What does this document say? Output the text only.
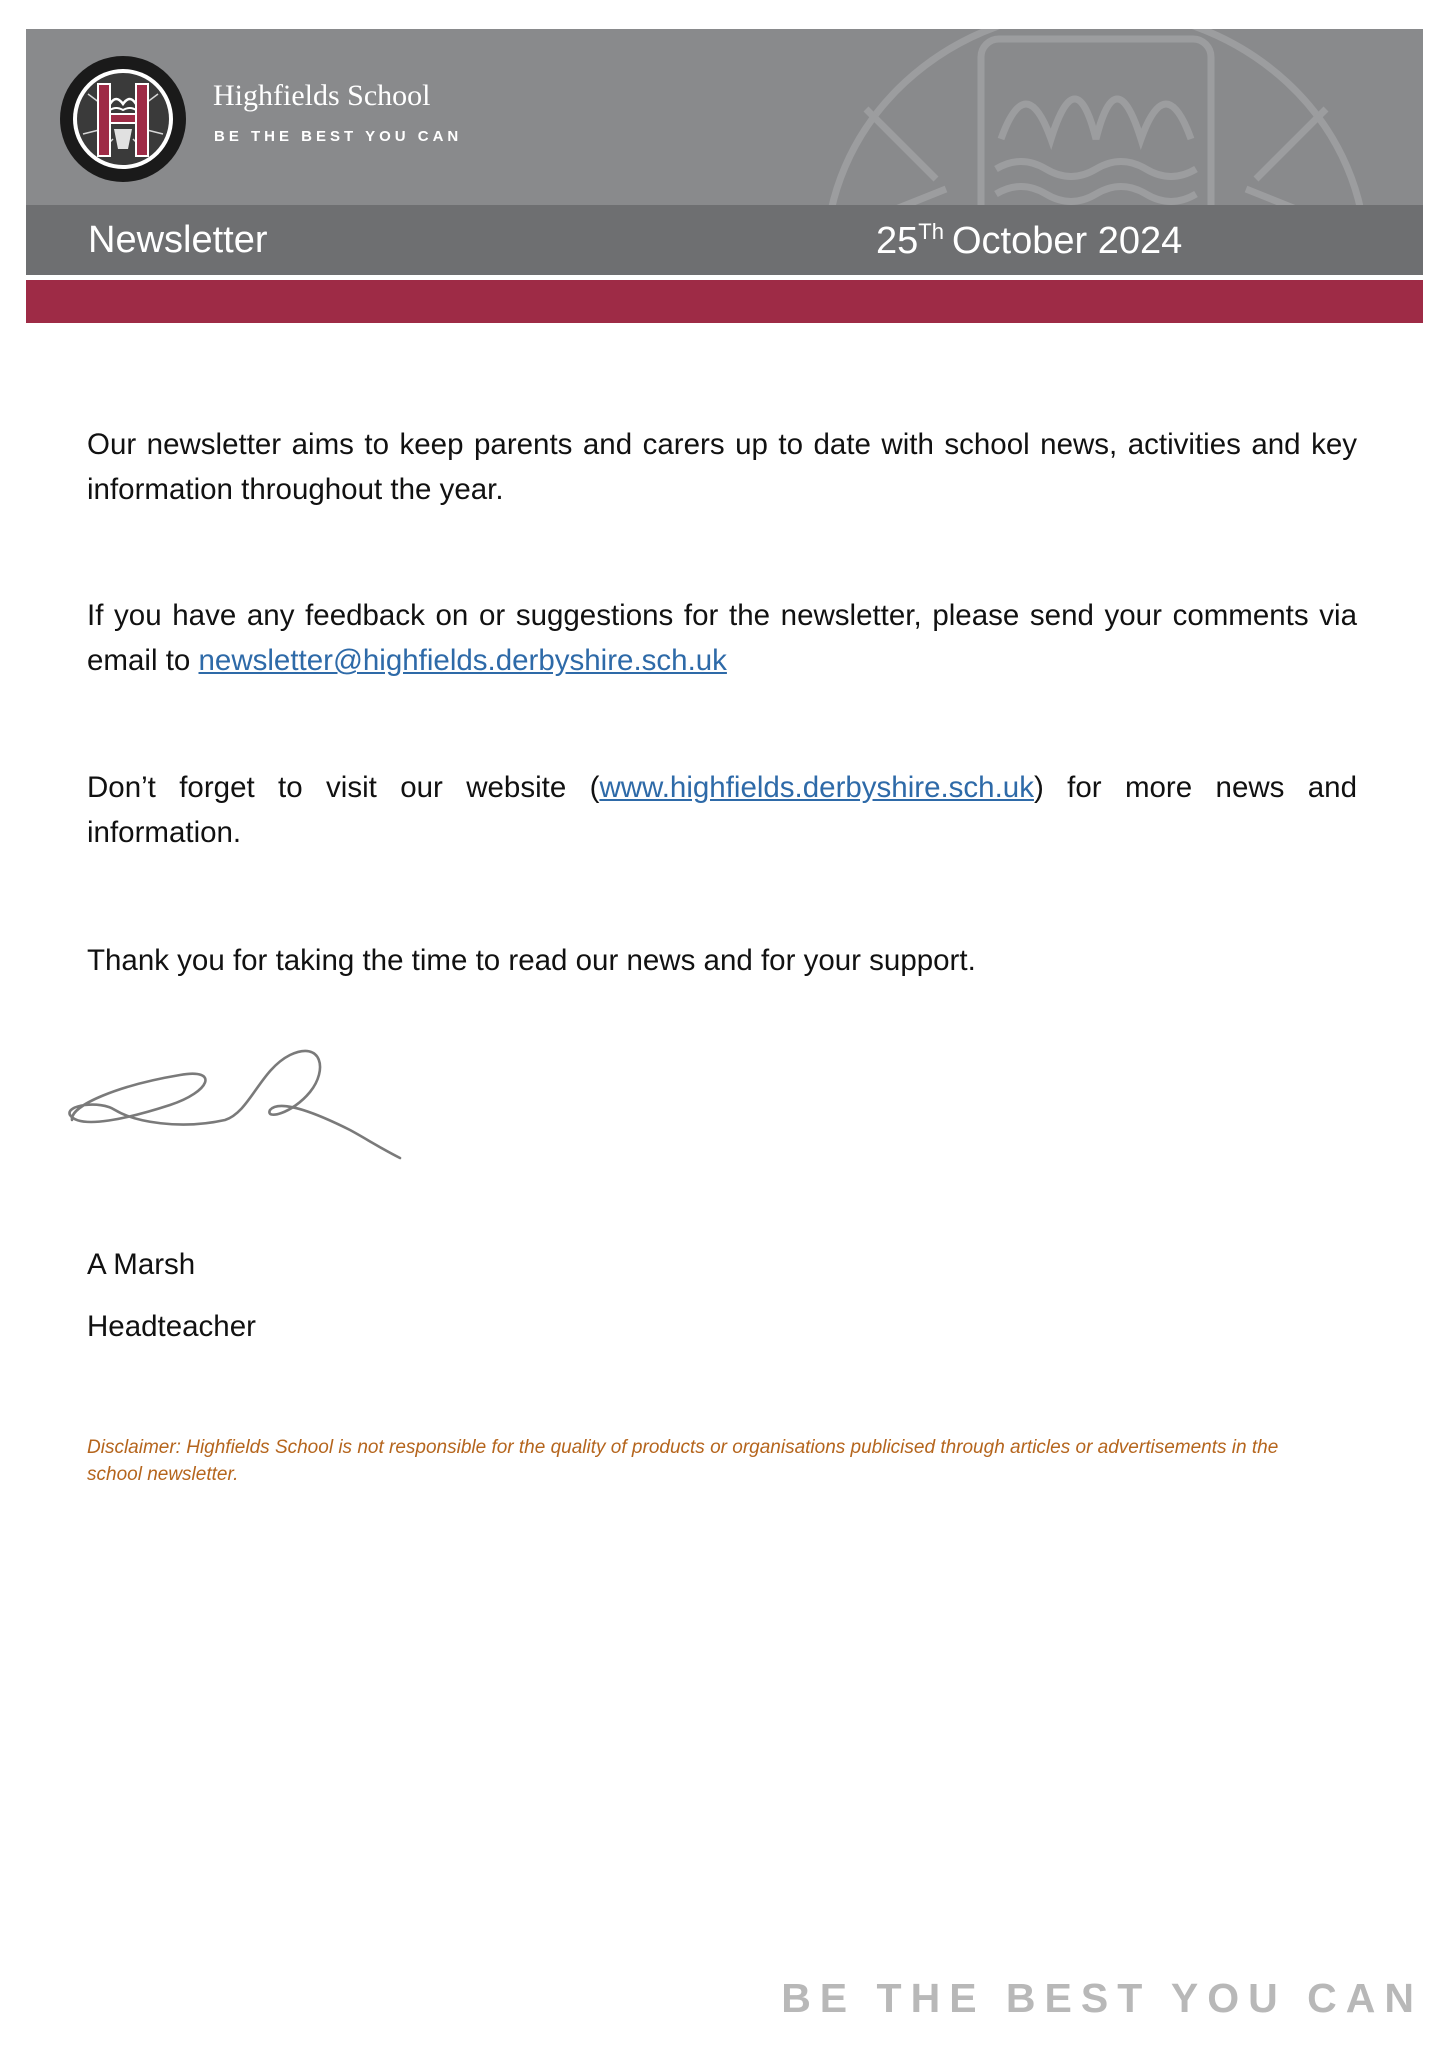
Highfields School
BE THE BEST YOU CAN
Newsletter	25Th October 2024

Our newsletter aims to keep parents and carers up to date with school news, activities and key information throughout the year.

If you have any feedback on or suggestions for the newsletter, please send your comments via email to newsletter@highfields.derbyshire.sch.uk

Don’t forget to visit our website (www.highfields.derbyshire.sch.uk) for more news and information.

Thank you for taking the time to read our news and for your support.

A Marsh
Headteacher
Disclaimer: Highfields School is not responsible for the quality of products or organisations publicised through articles or advertisements in the school newsletter.
BE THE BEST YOU CAN
